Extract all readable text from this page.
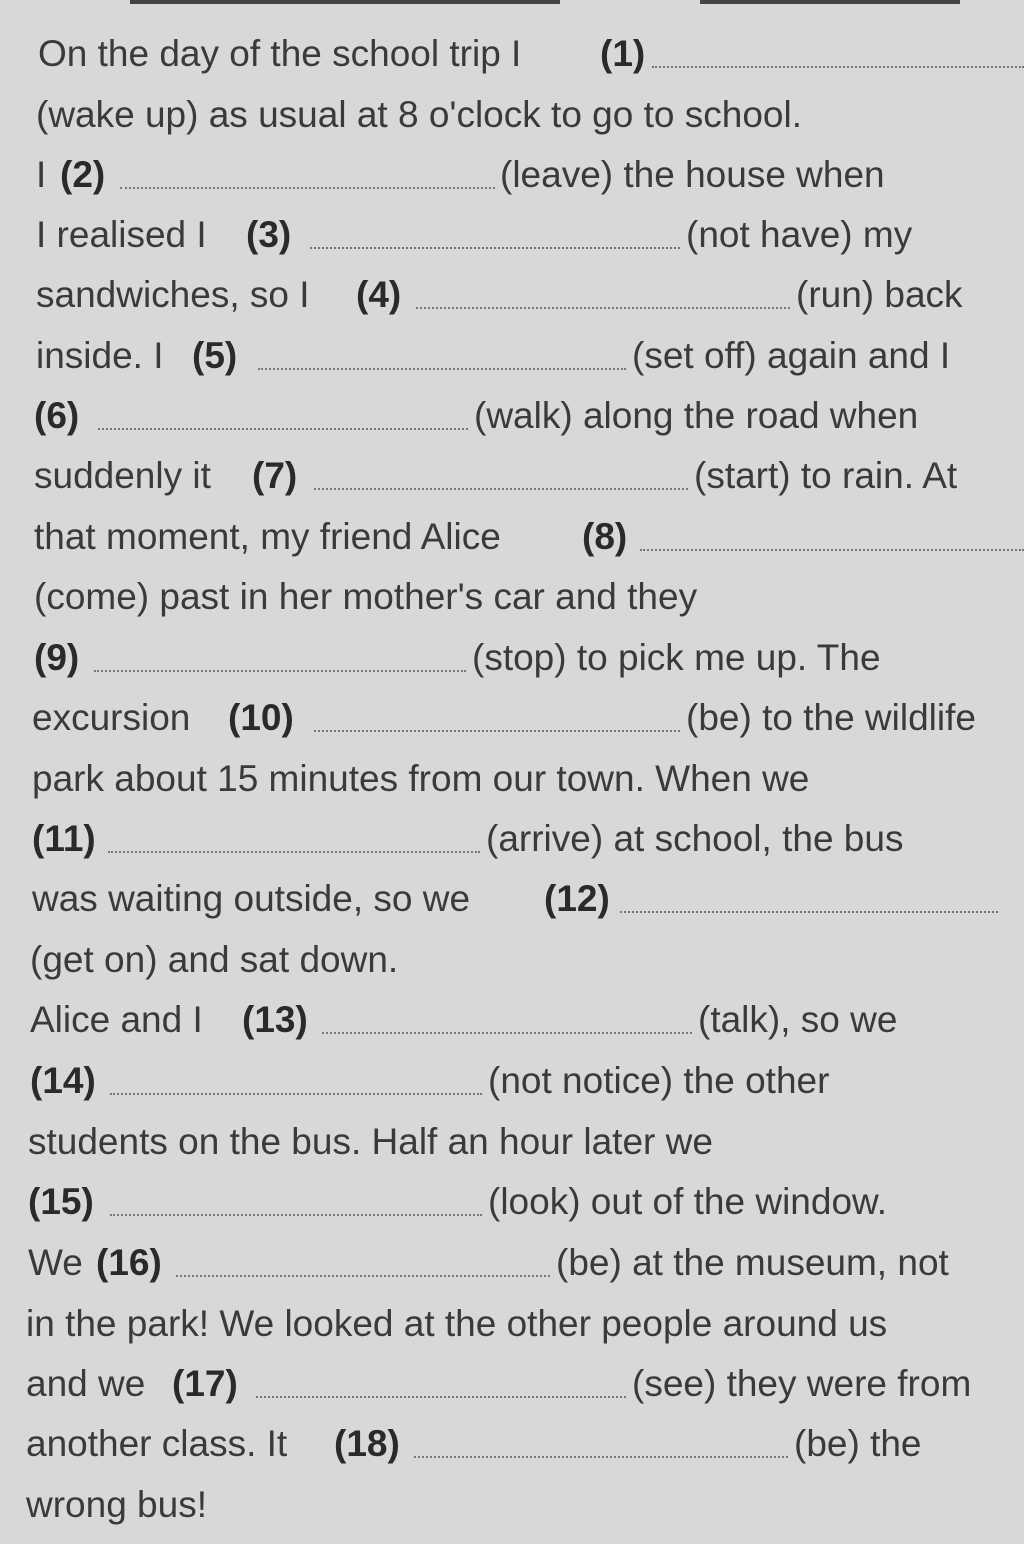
On the day of the school trip I (1)
(wake up) as usual at 8 o'clock to go to school.
I (2)	(leave) the house when
I realised I (3)	(not have) my
sandwiches, so I (4)	(run) back
inside. I (5)	(set off) again and I
(6)	(walk) along the road when
suddenly it (7)	(start) to rain. At
that moment, my friend Alice (8)
(come) past in her mother's car and they
(9)	(stop) to pick me up. The
excursion (10)	(be) to the wildlife
park about 15 minutes from our town. When we
(11)	(arrive) at school, the bus
was waiting outside, so we (12)
(get on) and sat down.
Alice and I (13)	(talk), so we
(14)	(not notice) the other
students on the bus. Half an hour later we
(15)	(look) out of the window.
We (16)	(be) at the museum, not
in the park! We looked at the other people around us
and we (17)	(see) they were from
another class. It (18)	(be) the
wrong bus!
